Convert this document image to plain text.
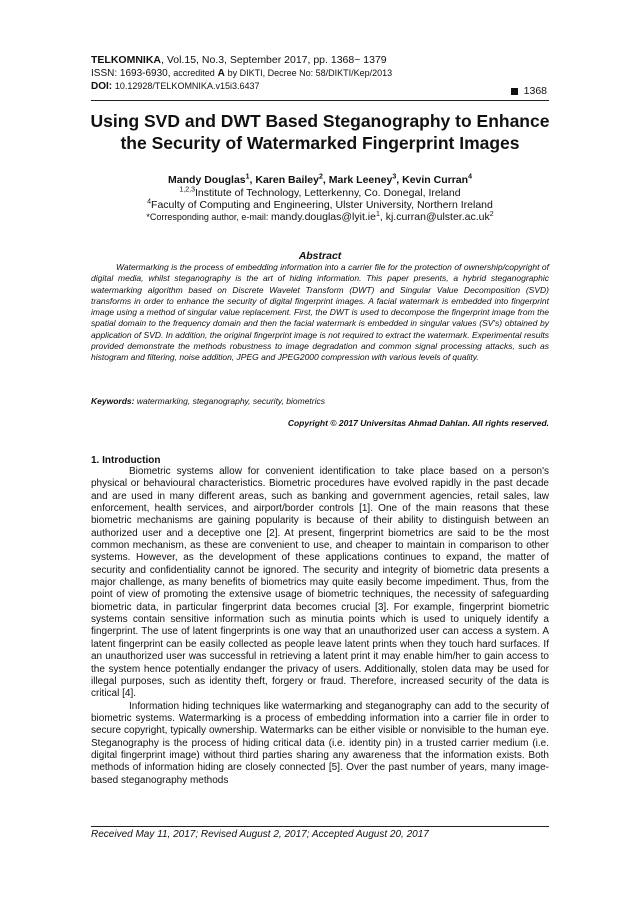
TELKOMNIKA, Vol.15, No.3, September 2017, pp. 1368~ 1379
ISSN: 1693-6930, accredited A by DIKTI, Decree No: 58/DIKTI/Kep/2013
DOI: 10.12928/TELKOMNIKA.v15i3.6437	1368
Using SVD and DWT Based Steganography to Enhance
the Security of Watermarked Fingerprint Images
Mandy Douglas$^1$, Karen Bailey$^2$, Mark Leeney$^3$, Kevin Curran$^4$
$^{1,2,3}$Institute of Technology, Letterkenny, Co. Donegal, Ireland
$^4$Faculty of Computing and Engineering, Ulster University, Northern Ireland
*Corresponding author, e-mail: $mandy.douglas@lyit.ie^1$, $kj.curran@ulster.ac.uk^2$
Abstract
Watermarking is the process of embedding information into a carrier file for the protection of ownership/copyright of digital media, whilst steganography is the art of hiding information. This paper presents, a hybrid steganographic watermarking algorithm based on Discrete Wavelet Transform (DWT) and Singular Value Decomposition (SVD) transforms in order to enhance the security of digital fingerprint images. A facial watermark is embedded into fingerprint image using a method of singular value replacement. First, the DWT is used to decompose the fingerprint image from the spatial domain to the frequency domain and then the facial watermark is embedded in singular values (SV's) obtained by application of SVD. In addition, the original fingerprint image is not required to extract the watermark. Experimental results provided demonstrate the methods robustness to image degradation and common signal processing attacks, such as histogram and filtering, noise addition, JPEG and JPEG2000 compression with various levels of quality.
Keywords: watermarking, steganography, security, biometrics
Copyright © 2017 Universitas Ahmad Dahlan. All rights reserved.
1. Introduction

Biometric systems allow for convenient identification to take place based on a person's physical or behavioural characteristics. Biometric procedures have evolved rapidly in the past decade and are used in many different areas, such as banking and government agencies, retail sales, law enforcement, health services, and airport/border controls [1]. One of the main reasons that these biometric mechanisms are gaining popularity is because of their ability to distinguish between an authorized user and a deceptive one [2]. At present, fingerprint biometrics are said to be the most common mechanism, as these are convenient to use, and cheaper to maintain in comparison to other systems. However, as the development of these applications continues to expand, the matter of security and confidentiality cannot be ignored. The security and integrity of biometric data presents a major challenge, as many benefits of biometrics may quite easily become impediment. Thus, from the point of view of promoting the extensive usage of biometric techniques, the necessity of safeguarding biometric data, in particular fingerprint data becomes crucial [3]. For example, fingerprint biometric systems contain sensitive information such as minutia points which is used to uniquely identify a fingerprint. The use of latent fingerprints is one way that an unauthorized user can access a system. A latent fingerprint can be easily collected as people leave latent prints when they touch hard surfaces. If an unauthorized user was successful in retrieving a latent print it may enable him/her to gain access to the system hence potentially endanger the privacy of users. Additionally, stolen data may be used for illegal purposes, such as identity theft, forgery or fraud. Therefore, increased security of the data is critical [4].

Information hiding techniques like watermarking and steganography can add to the security of biometric systems. Watermarking is a process of embedding information into a carrier file in order to secure copyright, typically ownership. Watermarks can be either visible or nonvisible to the human eye. Steganography is the process of hiding critical data (i.e. identity pin) in a trusted carrier medium (i.e. digital fingerprint image) without third parties sharing any awareness that the information exists. Both methods of information hiding are closely connected [5]. Over the past number of years, many image-based steganography methods

Received May 11, 2017; Revised August 2, 2017; Accepted August 20, 2017
